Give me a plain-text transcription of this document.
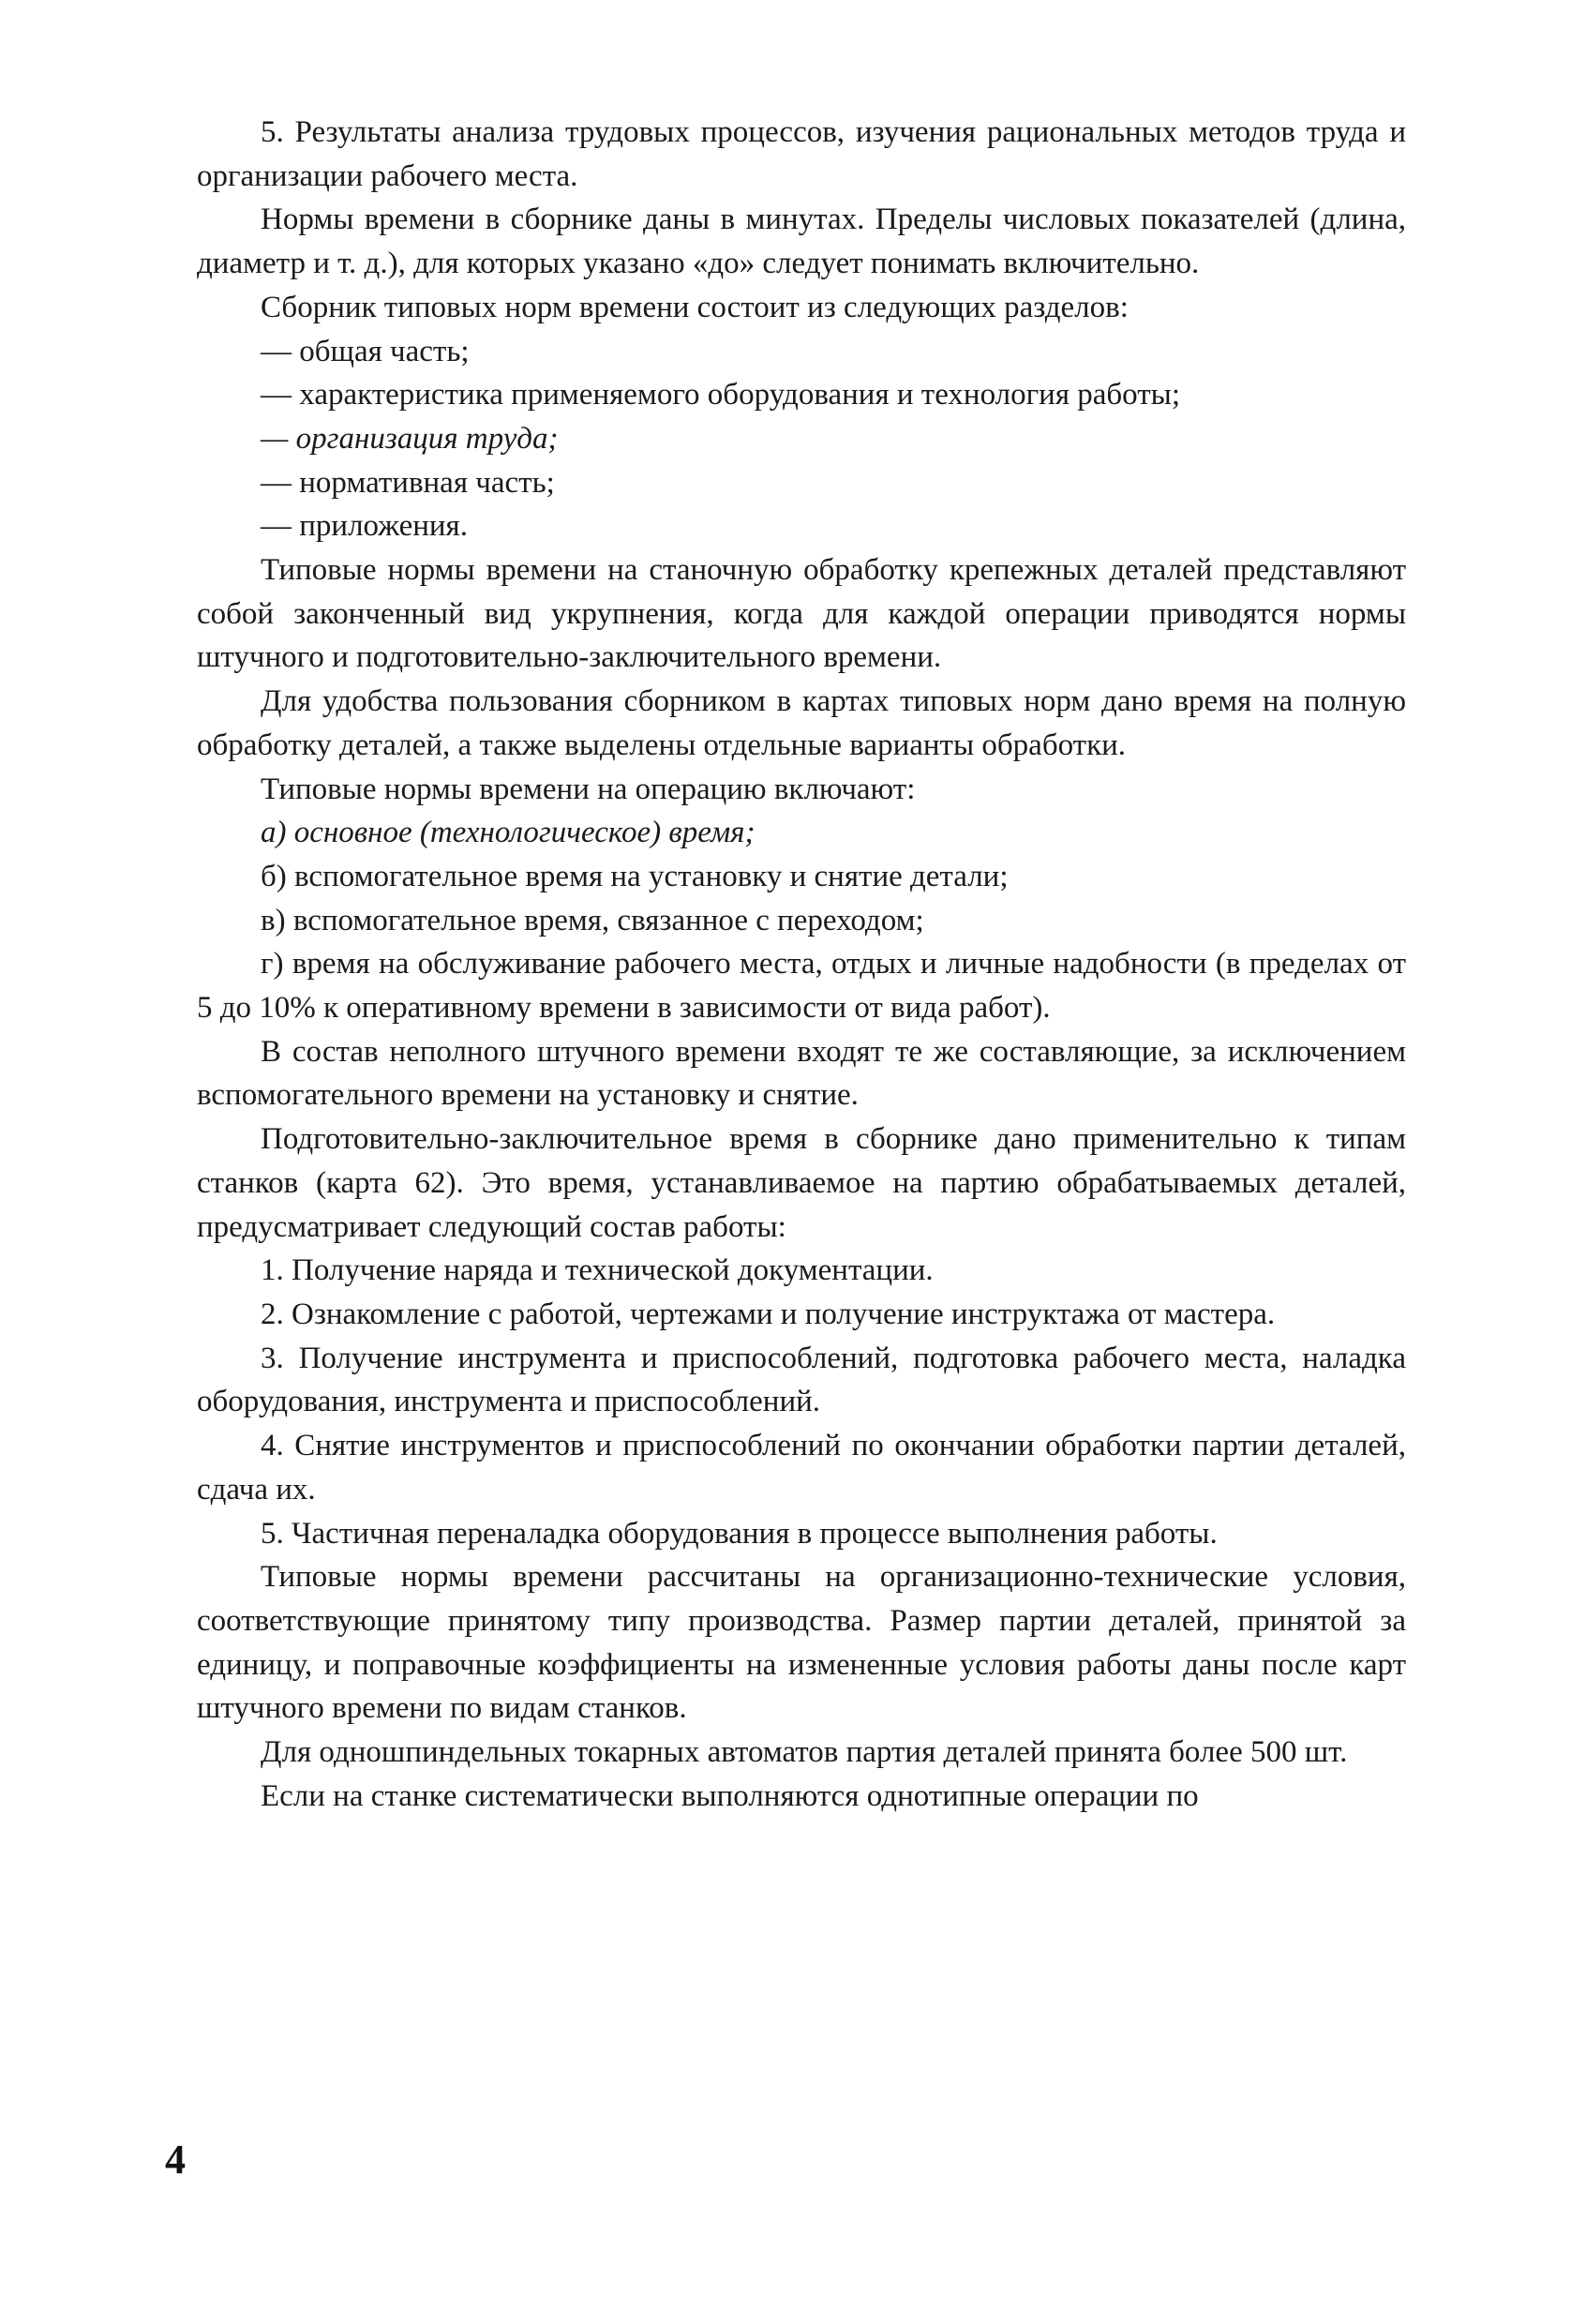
5. Результаты анализа трудовых процессов, изучения рациональных методов труда и организации рабочего места.

Нормы времени в сборнике даны в минутах. Пределы числовых показателей (длина, диаметр и т. д.), для которых указано «до» следует понимать включительно.

Сборник типовых норм времени состоит из следующих разделов:

— общая часть;

— характеристика применяемого оборудования и технология работы;

— организация труда;

— нормативная часть;

— приложения.

Типовые нормы времени на станочную обработку крепежных деталей представляют собой законченный вид укрупнения, когда для каждой операции приводятся нормы штучного и подготовительно-заключительного времени.

Для удобства пользования сборником в картах типовых норм дано время на полную обработку деталей, а также выделены отдельные варианты обработки.

Типовые нормы времени на операцию включают:

а) основное (технологическое) время;

б) вспомогательное время на установку и снятие детали;

в) вспомогательное время, связанное с переходом;

г) время на обслуживание рабочего места, отдых и личные надобности (в пределах от 5 до 10% к оперативному времени в зависимости от вида работ).

В состав неполного штучного времени входят те же составляющие, за исключением вспомогательного времени на установку и снятие.

Подготовительно-заключительное время в сборнике дано применительно к типам станков (карта 62). Это время, устанавливаемое на партию обрабатываемых деталей, предусматривает следующий состав работы:

1. Получение наряда и технической документации.

2. Ознакомление с работой, чертежами и получение инструктажа от мастера.

3. Получение инструмента и приспособлений, подготовка рабочего места, наладка оборудования, инструмента и приспособлений.

4. Снятие инструментов и приспособлений по окончании обработки партии деталей, сдача их.

5. Частичная переналадка оборудования в процессе выполнения работы.

Типовые нормы времени рассчитаны на организационно-технические условия, соответствующие принятому типу производства. Размер партии деталей, принятой за единицу, и поправочные коэффициенты на измененные условия работы даны после карт штучного времени по видам станков.

Для одношпиндельных токарных автоматов партия деталей принята более 500 шт.

Если на станке систематически выполняются однотипные операции по

4
